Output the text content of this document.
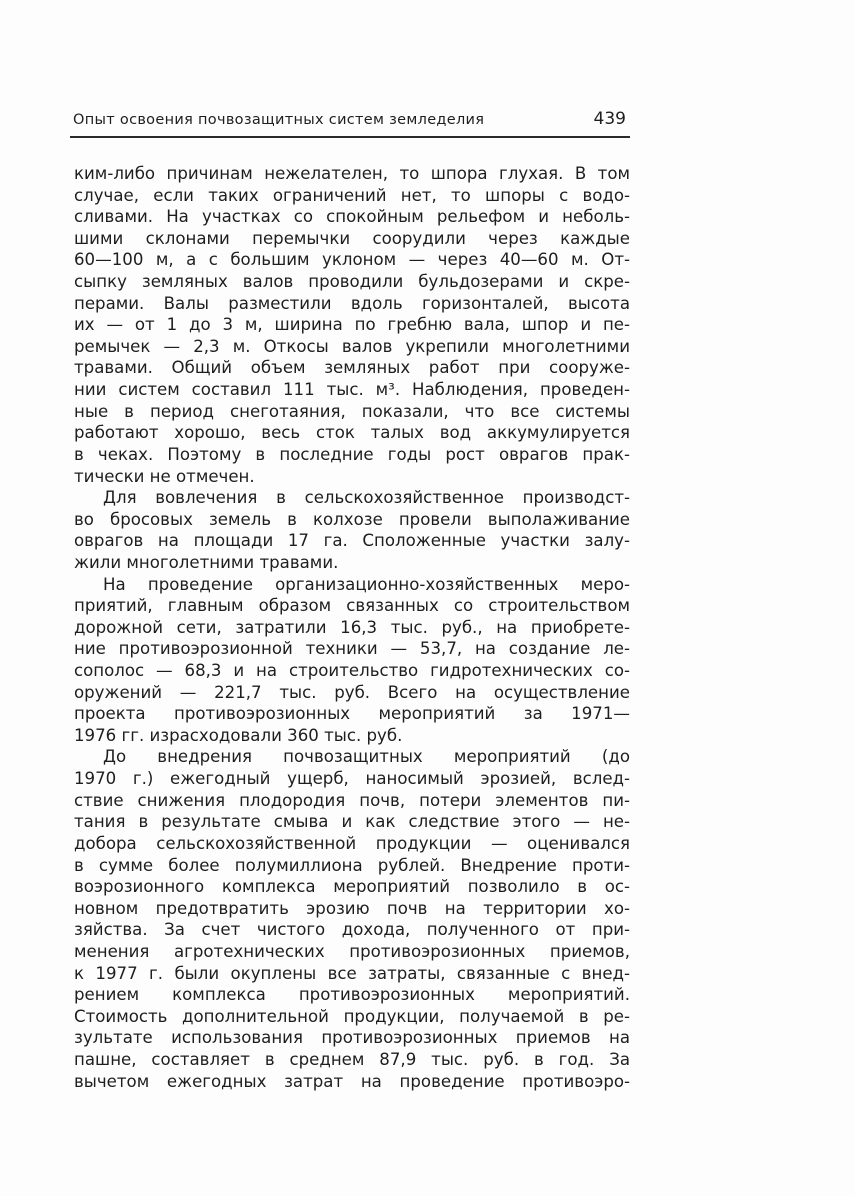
Опыт освоения почвозащитных систем земледелия	439
ким-либо причинам нежелателен, то шпора глухая. В том
случае, если таких ограничений нет, то шпоры с водо-
сливами. На участках со спокойным рельефом и неболь-
шими склонами перемычки соорудили через каждые
60—100 м, а с большим уклоном — через 40—60 м. От-
сыпку земляных валов проводили бульдозерами и скре-
перами. Валы разместили вдоль горизонталей, высота
их — от 1 до 3 м, ширина по гребню вала, шпор и пе-
ремычек — 2,3 м. Откосы валов укрепили многолетними
травами. Общий объем земляных работ при сооруже-
нии систем составил 111 тыс. м³. Наблюдения, проведен-
ные в период снеготаяния, показали, что все системы
работают хорошо, весь сток талых вод аккумулируется
в чеках. Поэтому в последние годы рост оврагов прак-
тически не отмечен.
Для вовлечения в сельскохозяйственное производст-
во бросовых земель в колхозе провели выполаживание
оврагов на площади 17 га. Сположенные участки залу-
жили многолетними травами.
На проведение организационно-хозяйственных меро-
приятий, главным образом связанных со строительством
дорожной сети, затратили 16,3 тыс. руб., на приобрете-
ние противоэрозионной техники — 53,7, на создание ле-
сополос — 68,3 и на строительство гидротехнических со-
оружений — 221,7 тыс. руб. Всего на осуществление
проекта противоэрозионных мероприятий за 1971—
1976 гг. израсходовали 360 тыс. руб.
До внедрения почвозащитных мероприятий (до
1970 г.) ежегодный ущерб, наносимый эрозией, вслед-
ствие снижения плодородия почв, потери элементов пи-
тания в результате смыва и как следствие этого — не-
добора сельскохозяйственной продукции — оценивался
в сумме более полумиллиона рублей. Внедрение проти-
воэрозионного комплекса мероприятий позволило в ос-
новном предотвратить эрозию почв на территории хо-
зяйства. За счет чистого дохода, полученного от при-
менения агротехнических противоэрозионных приемов,
к 1977 г. были окуплены все затраты, связанные с внед-
рением комплекса противоэрозионных мероприятий.
Стоимость дополнительной продукции, получаемой в ре-
зультате использования противоэрозионных приемов на
пашне, составляет в среднем 87,9 тыс. руб. в год. За
вычетом ежегодных затрат на проведение противоэро-
